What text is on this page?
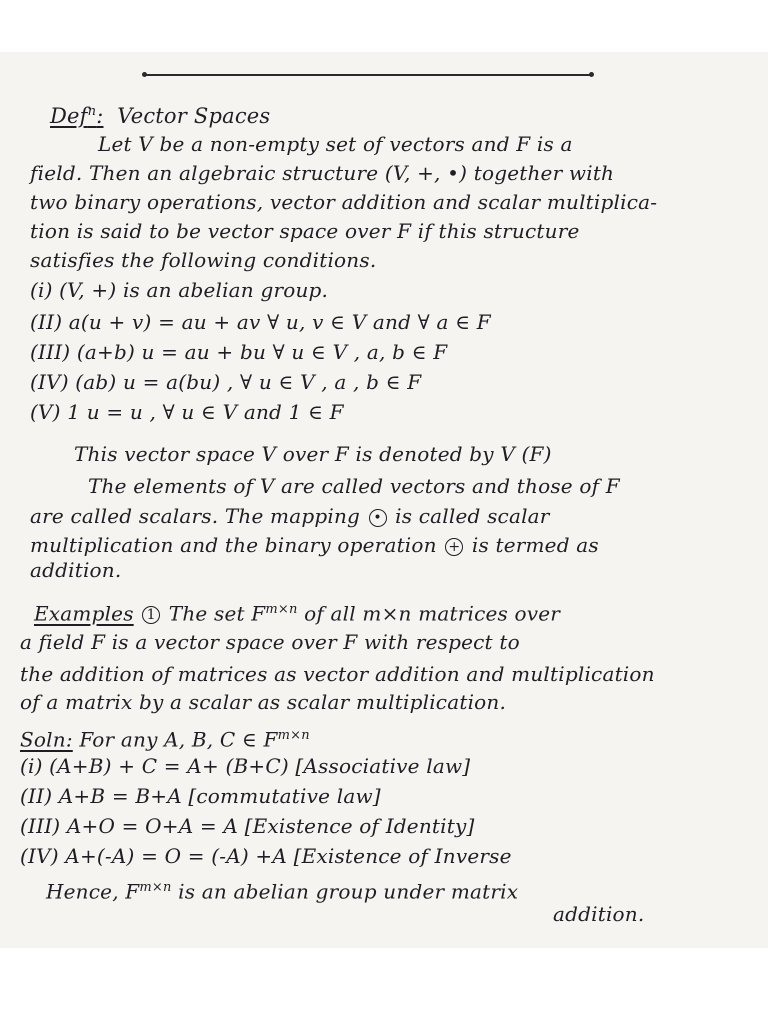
Def$^n$: Vector Spaces
Let V be a non-empty set of vectors and F is a
field. Then an algebraic structure (V, +, •) together with
two binary operations, vector addition and scalar multiplica-
tion is said to be vector space over F if this structure
satisfies the following conditions.
(i) (V, +) is an abelian group.
(II) a(u + v) = au + av ∀ u, v ∈ V and ∀ a ∈ F
(III) (a+b) u = au + bu ∀ u ∈ V , a, b ∈ F
(IV) (ab) u = a(bu) , ∀ u ∈ V , a , b ∈ F
(V) 1 u = u , ∀ u ∈ V and 1 ∈ F
This vector space V over F is denoted by V (F)
The elements of V are called vectors and those of F
are called scalars. The mapping • is called scalar
multiplication and the binary operation + is termed as
addition.
Examples 1 The set $F^{m\times n}$ of all m×n matrices over
a field F is a vector space over F with respect to
the addition of matrices as vector addition and multiplication
of a matrix by a scalar as scalar multiplication.
Soln: For any A, B, C ∈ $F^{m\times n}$
(i) (A+B) + C = A+ (B+C) [Associative law]
(II) A+B = B+A [commutative law]
(III) A+O = O+A = A [Existence of Identity]
(IV) A+(-A) = O = (-A) +A [Existence of Inverse
Hence, $F^{m\times n}$ is an abelian group under matrix
addition.
